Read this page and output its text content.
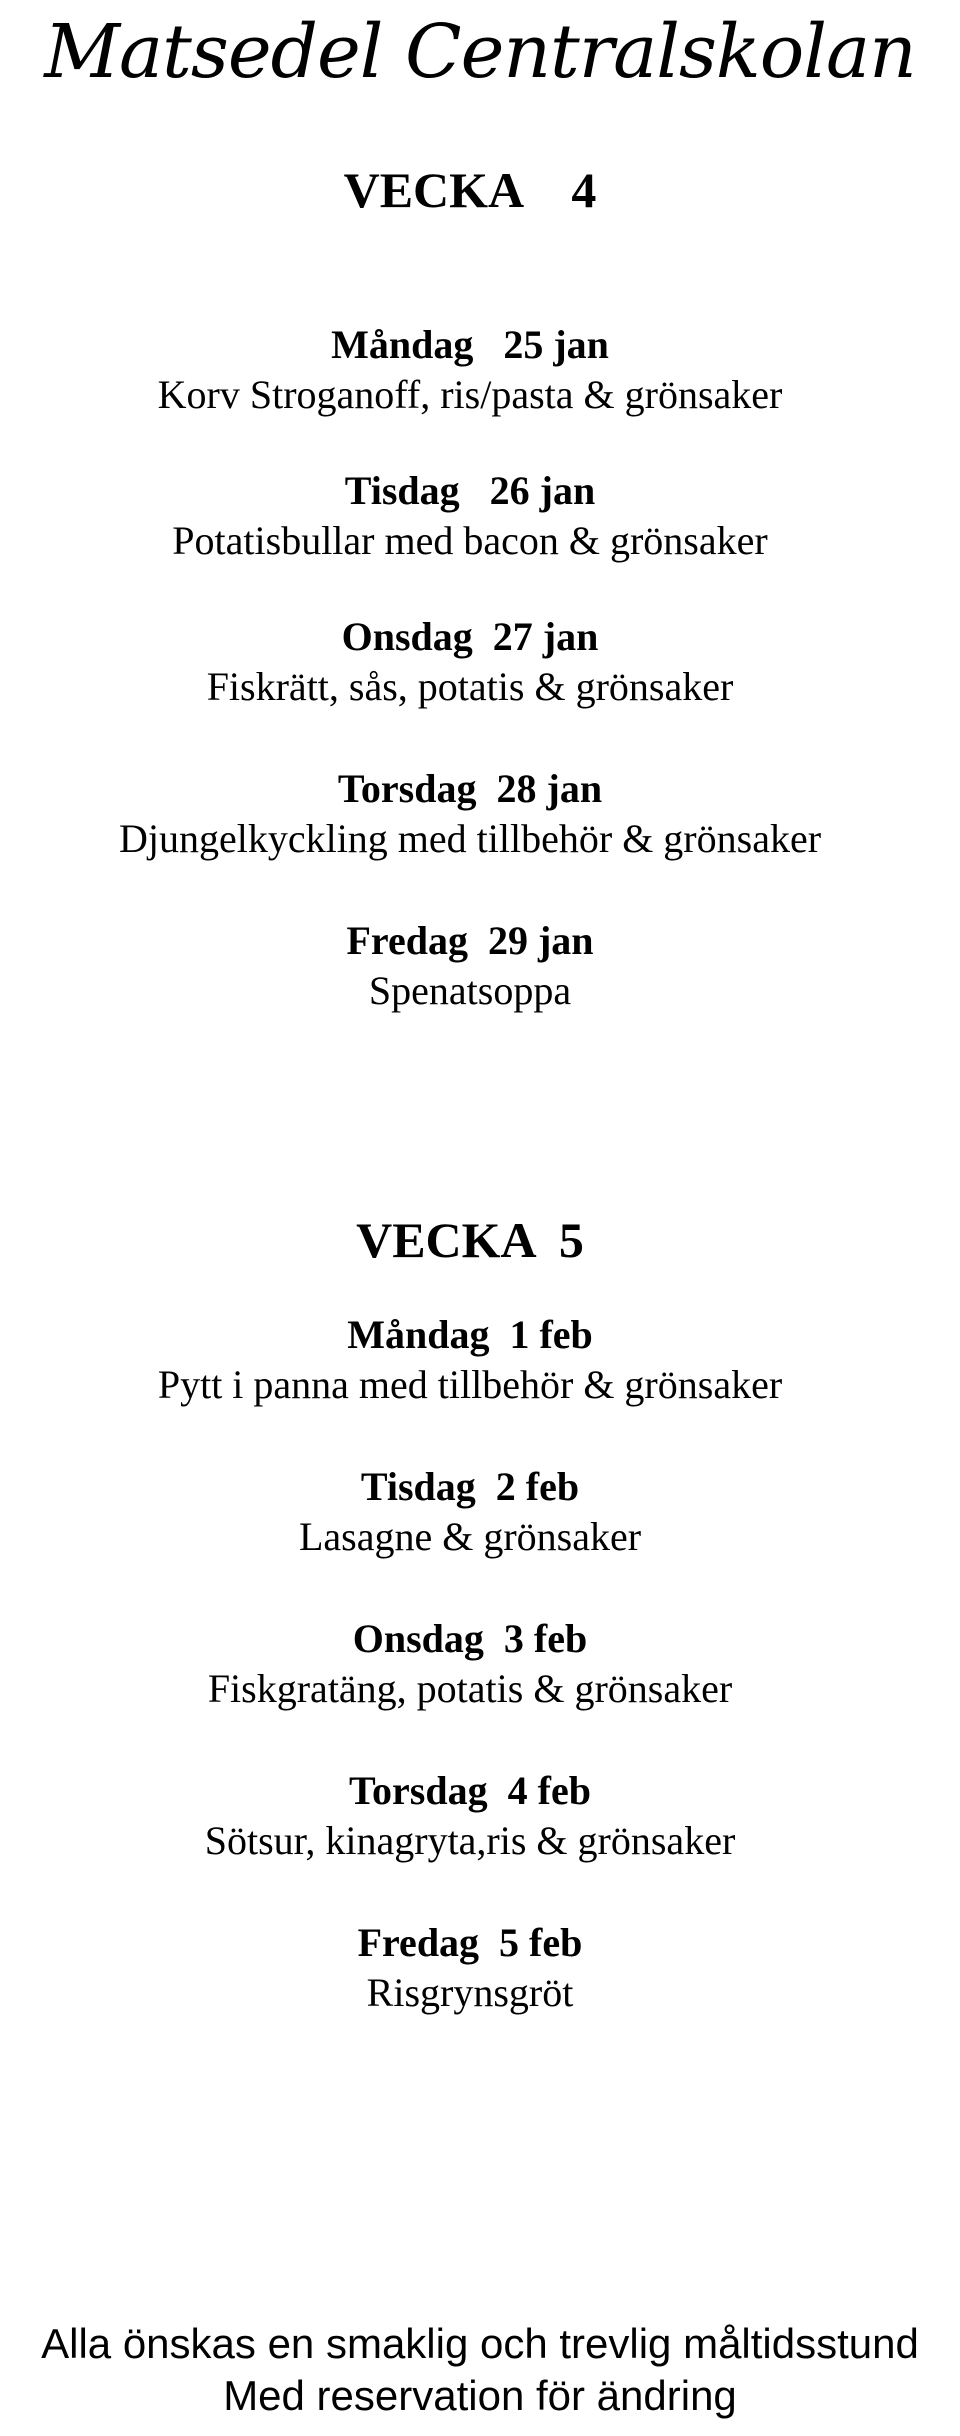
Matsedel Centralskolan
VECKA    4
Måndag   25 jan
Korv Stroganoff, ris/pasta & grönsaker
Tisdag   26 jan
Potatisbullar med bacon & grönsaker
Onsdag  27 jan
Fiskrätt, sås, potatis & grönsaker
Torsdag  28 jan
Djungelkyckling med tillbehör & grönsaker
Fredag  29 jan
Spenatsoppa
VECKA  5
Måndag  1 feb
Pytt i panna med tillbehör & grönsaker
Tisdag  2 feb
Lasagne & grönsaker
Onsdag  3 feb
Fiskgratäng, potatis & grönsaker
Torsdag  4 feb
Sötsur, kinagryta,ris & grönsaker
Fredag  5 feb
Risgrynsgröt
Alla önskas en smaklig och trevlig måltidsstund
Med reservation för ändring
